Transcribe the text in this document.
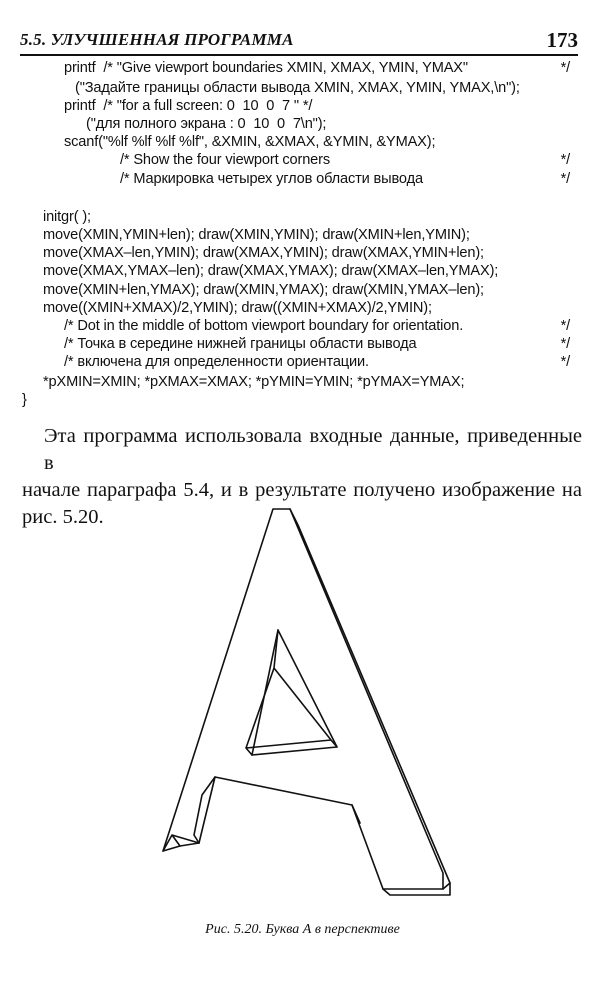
5.5. УЛУЧШЕННАЯ ПРОГРАММА	173
printf  /* "Give viewport boundaries XMIN, XMAX, YMIN, YMAX"	*/
("Задайте границы области вывода XMIN, XMAX, YMIN, YMAX,\n");
printf  /* "for a full screen: 0  10  0  7 " */
("для полного экрана : 0  10  0  7\n");
scanf("%lf %lf %lf %lf", &XMIN, &XMAX, &YMIN, &YMAX);
/* Show the four viewport corners	*/
/* Маркировка четырех углов области вывода	*/
initgr( );
move(XMIN,YMIN+len); draw(XMIN,YMIN); draw(XMIN+len,YMIN);
move(XMAX–len,YMIN); draw(XMAX,YMIN); draw(XMAX,YMIN+len);
move(XMAX,YMAX–len); draw(XMAX,YMAX); draw(XMAX–len,YMAX);
move(XMIN+len,YMAX); draw(XMIN,YMAX); draw(XMIN,YMAX–len);
move((XMIN+XMAX)/2,YMIN); draw((XMIN+XMAX)/2,YMIN);
/* Dot in the middle of bottom viewport boundary for orientation.	*/
/* Точка в середине нижней границы области вывода	*/
/* включена для определенности ориентации.	*/
*pXMIN=XMIN; *pXMAX=XMAX; *pYMIN=YMIN; *pYMAX=YMAX;
}
Эта программа использовала входные данные, приведенные в
начале параграфа 5.4, и в результате получено изображение на
рис. 5.20.
Рис. 5.20. Буква А в перспективе
